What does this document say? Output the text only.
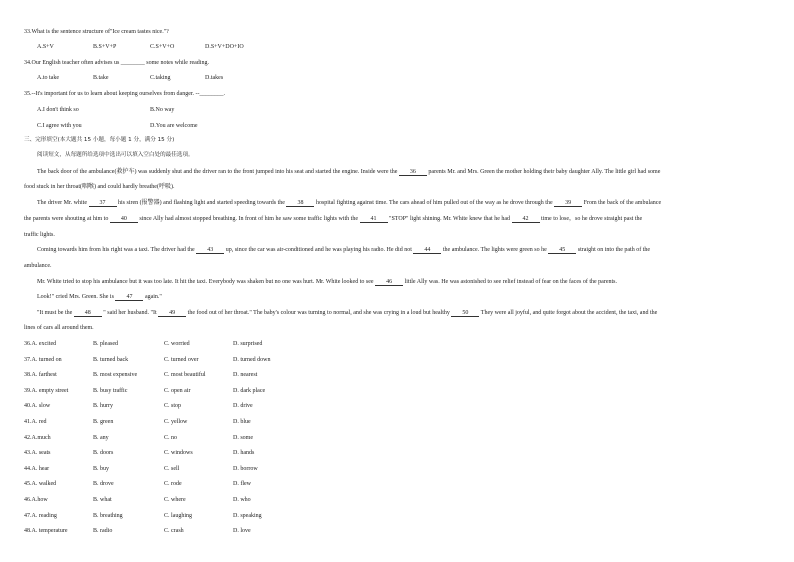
33.What is the sentence structure of"Ice cream tastes nice."?
A.S+V	B.S+V+P	C.S+V+O	D.S+V+DO+IO
34.Our English teacher often advises us ________ some notes while reading.
A.to take	B.take	C.taking	D.takes
35.--It's important for us to learn about keeping ourselves from danger. --________.
A.I don't think so	B.No way
C.I agree with you	D.You are welcome
三、完形填空(本大题共 15 小题，每小题 1 分，满分 15 分)
阅读短文，从每题所给选项中选出可以填入空白处的最佳选项。
The back door of the ambulance(救护车) was suddenly shut and the driver ran to the front jumped into his seat and started the engine. Inside were the 36 parents Mr. and Mrs. Green the mother holding their baby daughter Ally. The little girl had some
food stuck in her throat(咽喉) and could hardly breathe(呼吸).
The driver Mr. white 37 his siren (报警器) and flashing light and started speeding towards the 38 hospital fighting against time. The cars ahead of him pulled out of the way as he drove through the 39 From the back of the ambulance
the parents were shouting at him to 40 since Ally had almost stopped breathing. In front of him he saw some traffic lights with the 41 "STOP" light shining. Mr. White knew that he had 42 time to lose，so he drove straight past the
traffic lights.
Coming towards him from his right was a taxi. The driver had the 43 up, since the car was air-conditioned and he was playing his radio. He did not 44 the ambulance. The lights were green so he 45 straight on into the path of the
ambulance.
Mr. White tried to stop his ambulance but it was too late. It hit the taxi. Everybody was shaken but no one was hurt. Mr. White looked to see 46 little Ally was. He was astonished to see relief instead of fear on the faces of the parents.
Look!" cried Mrs. Green. She is 47 again."
"It must be the 48 " said her husband. "It 49 the food out of her throat." The baby's colour was turning to normal, and she was crying in a loud but healthy 50 They were all joyful, and quite forgot about the accident, the taxi, and the
lines of cars all around them.
36.A. excited	B. pleased	C. worried	D. surprised
37.A. turned on	B. turned back	C. turned over	D. turned down
38.A. farthest	B. most expensive	C. most beautiful	D. nearest
39.A. empty street	B. busy traffic	C. open air	D. dark place
40.A. slow	B. hurry	C. stop	D. drive
41.A. red	B. green	C. yellow	D. blue
42.A.much	B. any	C. no	D. some
43.A. seats	B. doors	C. windows	D. hands
44.A. hear	B. buy	C. sell	D. borrow
45.A. walked	B. drove	C. rode	D. flew
46.A.how	B. what	C. where	D. who
47.A. reading	B. breathing	C. laughing	D. speaking
48.A. temperature	B. radio	C. crash	D. love
